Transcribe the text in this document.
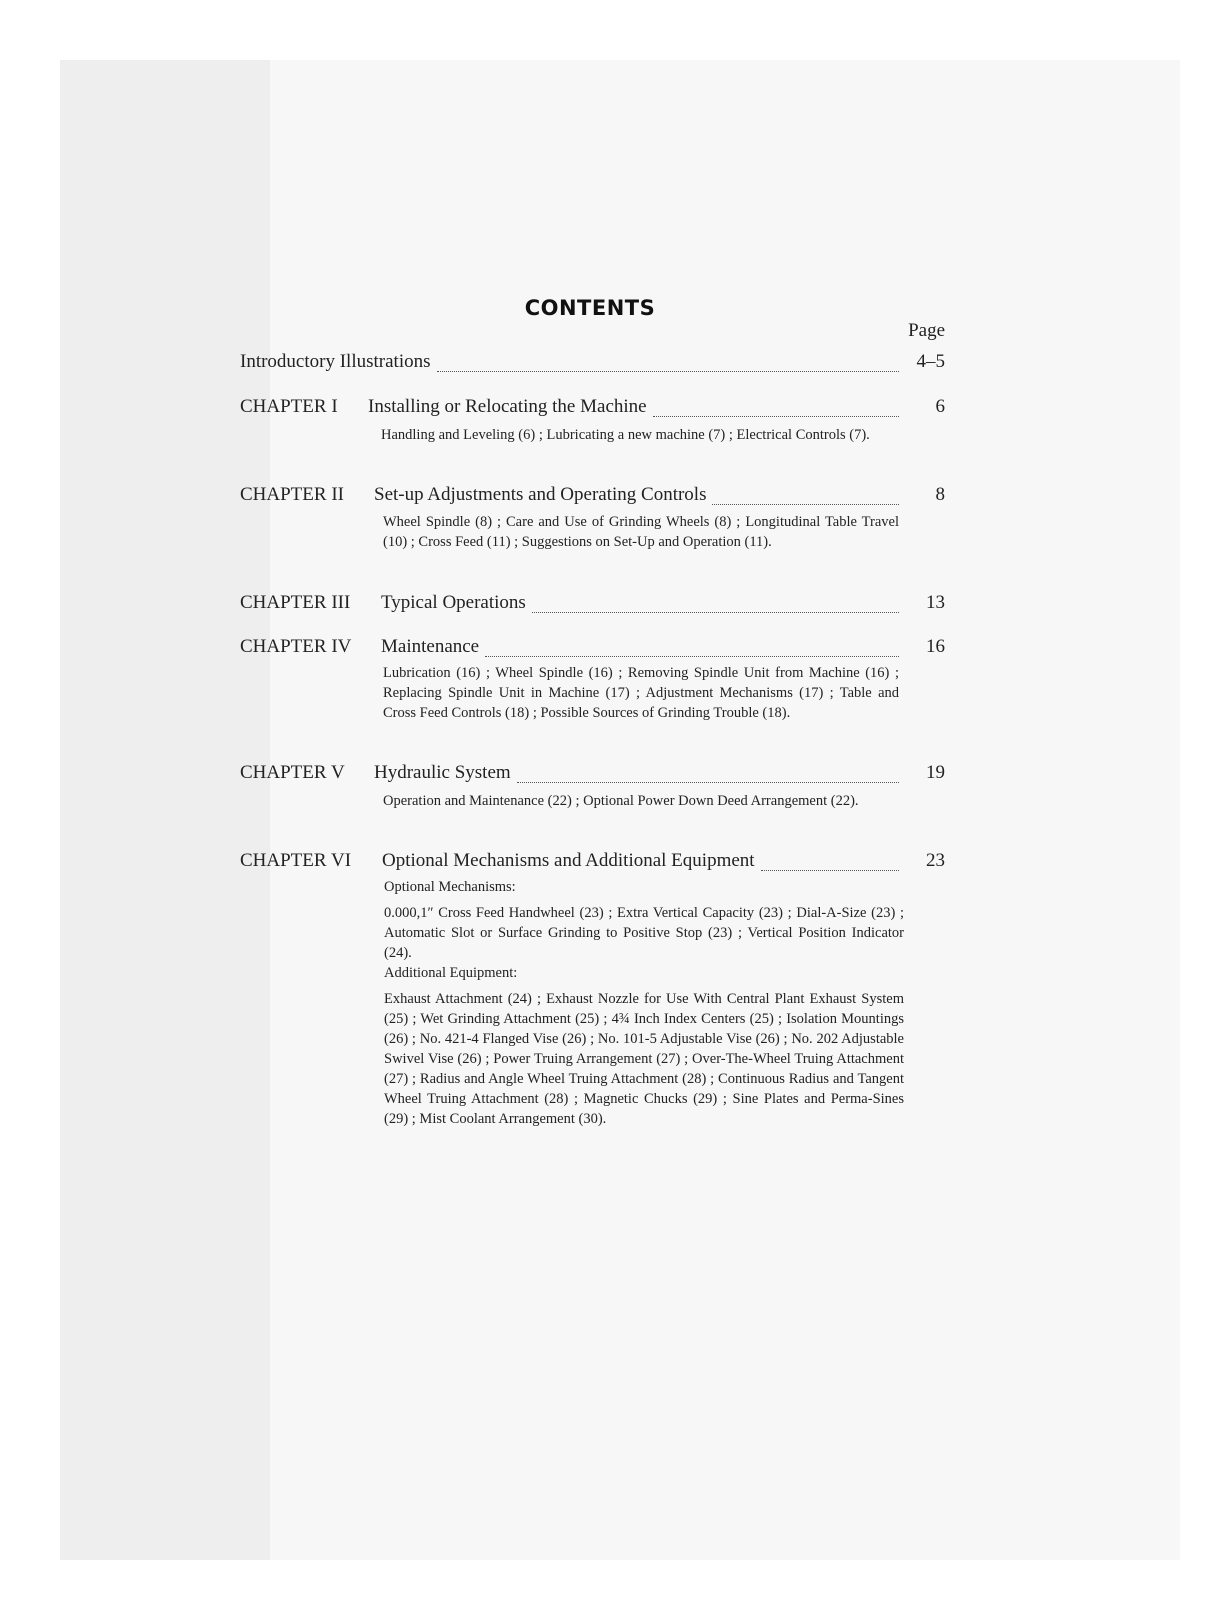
CONTENTS
Page
Introductory Illustrations	4–5
CHAPTER I	Installing or Relocating the Machine	6
Handling and Leveling (6) ; Lubricating a new machine (7) ; Electrical Controls (7).
CHAPTER II	Set-up Adjustments and Operating Controls	8
Wheel Spindle (8) ; Care and Use of Grinding Wheels (8) ; Longitudinal Table Travel (10) ; Cross Feed (11) ; Suggestions on Set-Up and Operation (11).
CHAPTER III	Typical Operations	13
CHAPTER IV	Maintenance	16
Lubrication (16) ; Wheel Spindle (16) ; Removing Spindle Unit from Machine (16) ; Replacing Spindle Unit in Machine (17) ; Adjustment Mechanisms (17) ; Table and Cross Feed Controls (18) ; Possible Sources of Grinding Trouble (18).
CHAPTER V	Hydraulic System	19
Operation and Maintenance (22) ; Optional Power Down Deed Arrangement (22).
CHAPTER VI	Optional Mechanisms and Additional Equipment	23
Optional Mechanisms:
0.000,1″ Cross Feed Handwheel (23) ; Extra Vertical Capacity (23) ; Dial-A-Size (23) ; Automatic Slot or Surface Grinding to Positive Stop (23) ; Vertical Position Indicator (24).
Additional Equipment:
Exhaust Attachment (24) ; Exhaust Nozzle for Use With Central Plant Exhaust System (25) ; Wet Grinding Attachment (25) ; 4¾ Inch Index Centers (25) ; Isolation Mountings (26) ; No. 421-4 Flanged Vise (26) ; No. 101-5 Adjustable Vise (26) ; No. 202 Adjustable Swivel Vise (26) ; Power Truing Arrangement (27) ; Over-The-Wheel Truing Attachment (27) ; Radius and Angle Wheel Truing Attachment (28) ; Continuous Radius and Tangent Wheel Truing Attachment (28) ; Magnetic Chucks (29) ; Sine Plates and Perma-Sines (29) ; Mist Coolant Arrangement (30).
